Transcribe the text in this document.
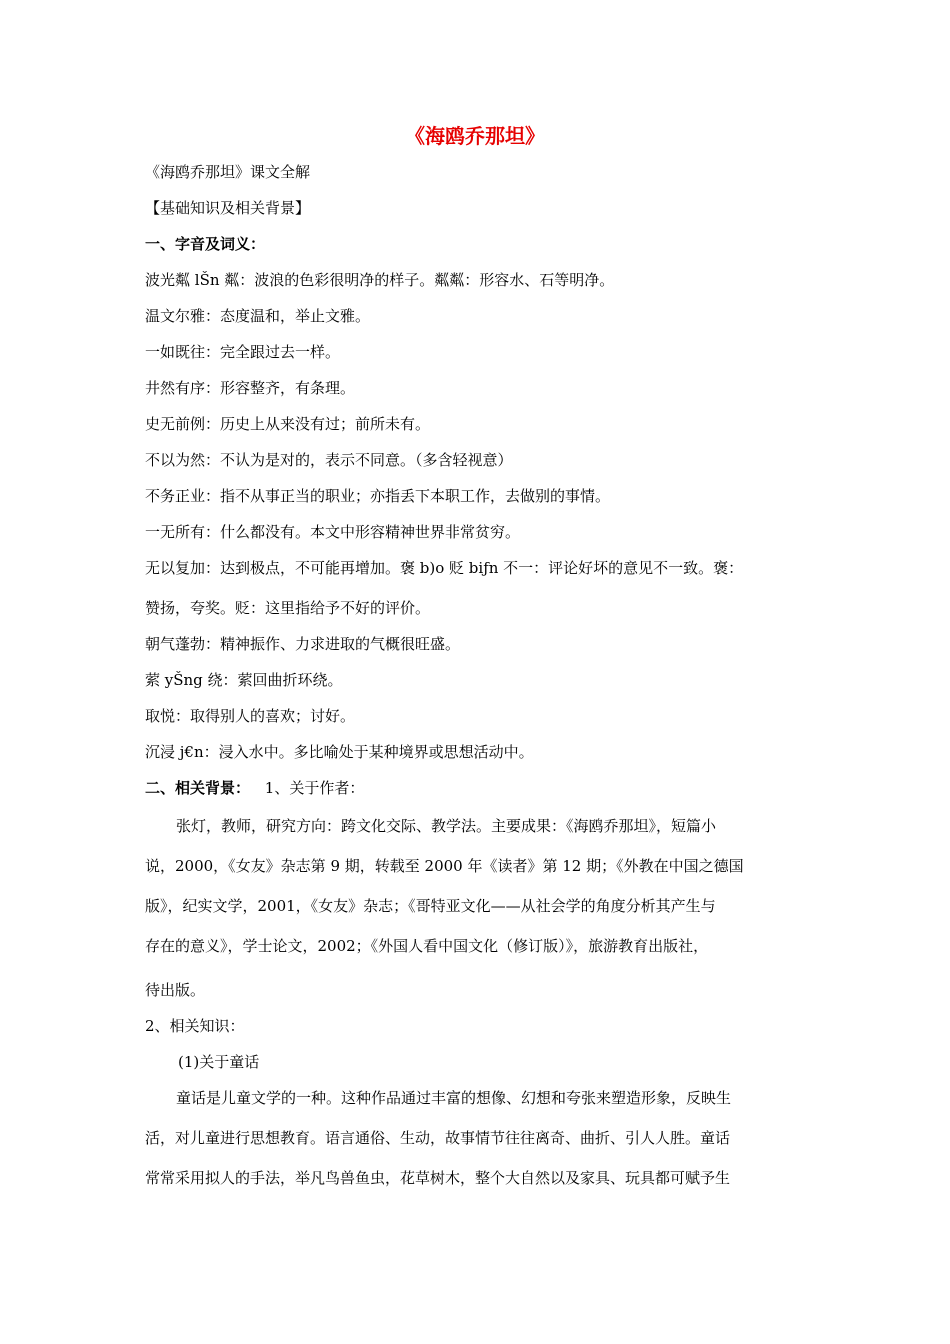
《海鸥乔那坦》
《海鸥乔那坦》课文全解
【基础知识及相关背景】
一、字音及词义：
波光粼 lŠn 粼：波浪的色彩很明净的样子。粼粼：形容水、石等明净。
温文尔雅：态度温和，举止文雅。
一如既往：完全跟过去一样。
井然有序：形容整齐，有条理。
史无前例：历史上从来没有过；前所未有。
不以为然：不认为是对的，表示不同意。（多含轻视意）
不务正业：指不从事正当的职业；亦指丢下本职工作，去做别的事情。
一无所有：什么都没有。本文中形容精神世界非常贫穷。
无以复加：达到极点，不可能再增加。褒 b)o 贬 biƒn 不一：评论好坏的意见不一致。褒：
赞扬，夸奖。贬：这里指给予不好的评价。
朝气蓬勃：精神振作、力求进取的气概很旺盛。
萦 yŠng 绕：萦回曲折环绕。
取悦：取得别人的喜欢；讨好。
沉浸 j€n：浸入水中。多比喻处于某种境界或思想活动中。
二、相关背景： 1、关于作者：
张灯，教师，研究方向：跨文化交际、教学法。主要成果：《海鸥乔那坦》，短篇小
说，2000，《女友》杂志第 9 期，转载至 2000 年《读者》第 12 期；《外教在中国之德国
版》，纪实文学，2001，《女友》杂志；《哥特亚文化——从社会学的角度分析其产生与
存在的意义》，学士论文，2002；《外国人看中国文化（修订版）》，旅游教育出版社，
待出版。
2、相关知识：
(1)关于童话
童话是儿童文学的一种。这种作品通过丰富的想像、幻想和夸张来塑造形象，反映生
活，对儿童进行思想教育。语言通俗、生动，故事情节往往离奇、曲折、引人人胜。童话
常常采用拟人的手法，举凡鸟兽鱼虫，花草树木，整个大自然以及家具、玩具都可赋予生
